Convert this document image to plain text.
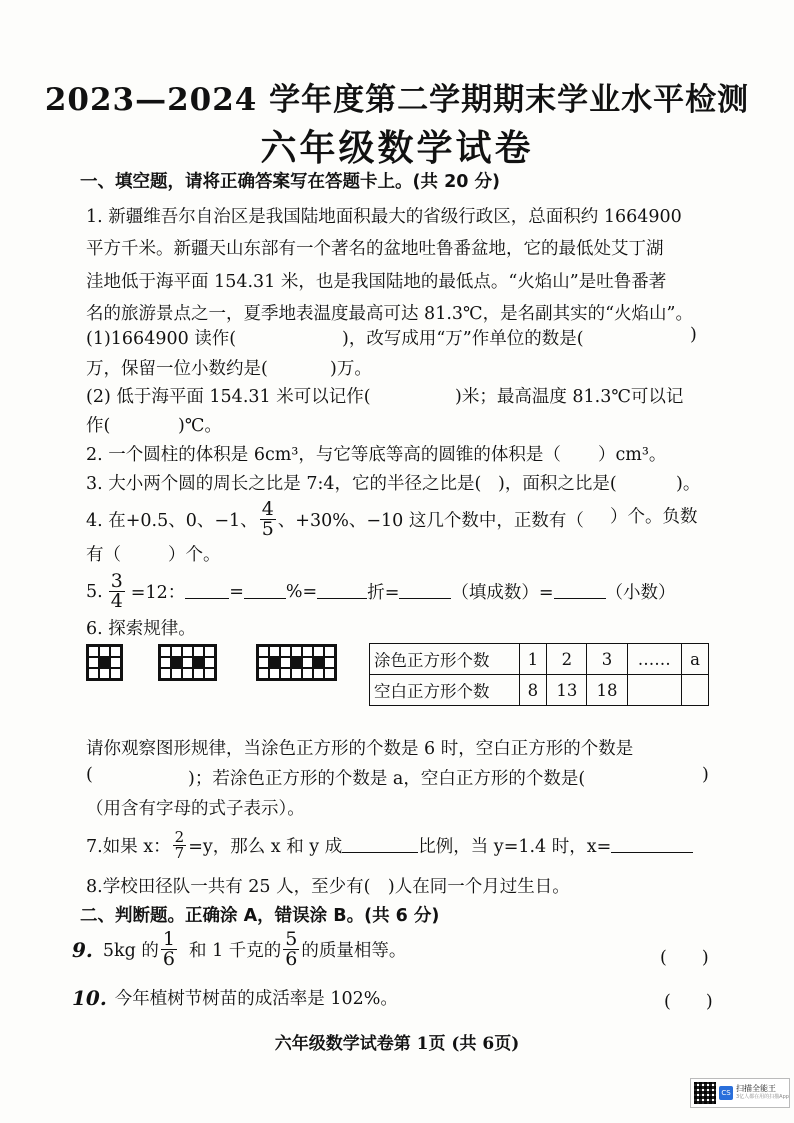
2023—2024 学年度第二学期期末学业水平检测
六年级数学试卷
一、填空题，请将正确答案写在答题卡上。(共 20 分)
1. 新疆维吾尔自治区是我国陆地面积最大的省级行政区，总面积约 1664900
平方千米。新疆天山东部有一个著名的盆地吐鲁番盆地，它的最低处艾丁湖
洼地低于海平面 154.31 米，也是我国陆地的最低点。“火焰山”是吐鲁番著
名的旅游景点之一，夏季地表温度最高可达 81.3℃，是名副其实的“火焰山”。
(1)1664900 读作(	)，改写成用“万”作单位的数是(	)
万，保留一位小数约是(	)万。
(2) 低于海平面 154.31 米可以记作(	)米；最高温度 81.3℃可以记
作(	)℃。
2. 一个圆柱的体积是 6cm³，与它等底等高的圆锥的体积是（ ）cm³。
3. 大小两个圆的周长之比是 7:4，它的半径之比是( )，面积之比是(	)。
4. 在+0.5、0、−1、 $\frac{4}{5}$ 、+30%、−10 这几个数中，正数有（ ）个。负数
有（	）个。
5. $\frac{3}{4} =12$：	= %=	折=	（填成数）=	（小数）
6. 探索规律。
涂色正方形个数	1	2	3	……	a
空白正方形个数	8	13	18		
请你观察图形规律，当涂色正方形的个数是 6 时，空白正方形的个数是
(	)；若涂色正方形的个数是 a，空白正方形的个数是(	)
（用含有字母的式子表示）。
7.如果 x： $\frac{2}{7} =y$，那么 x 和 y 成	比例，当 y=1.4 时，x=
8.学校田径队一共有 25 人，至少有(　)人在同一个月过生日。
二、判断题。正确涂 A，错误涂 B。(共 6 分)
9. 5kg 的 $\frac{1}{6}$ 和 1 千克的 $\frac{5}{6}$ 的质量相等。	(　　)
10. 今年植树节树苗的成活率是 102%。	(　　)
六年级数学试卷第 1页 (共 6页)
CS 扫描全能王
3亿人都在用的扫描App
